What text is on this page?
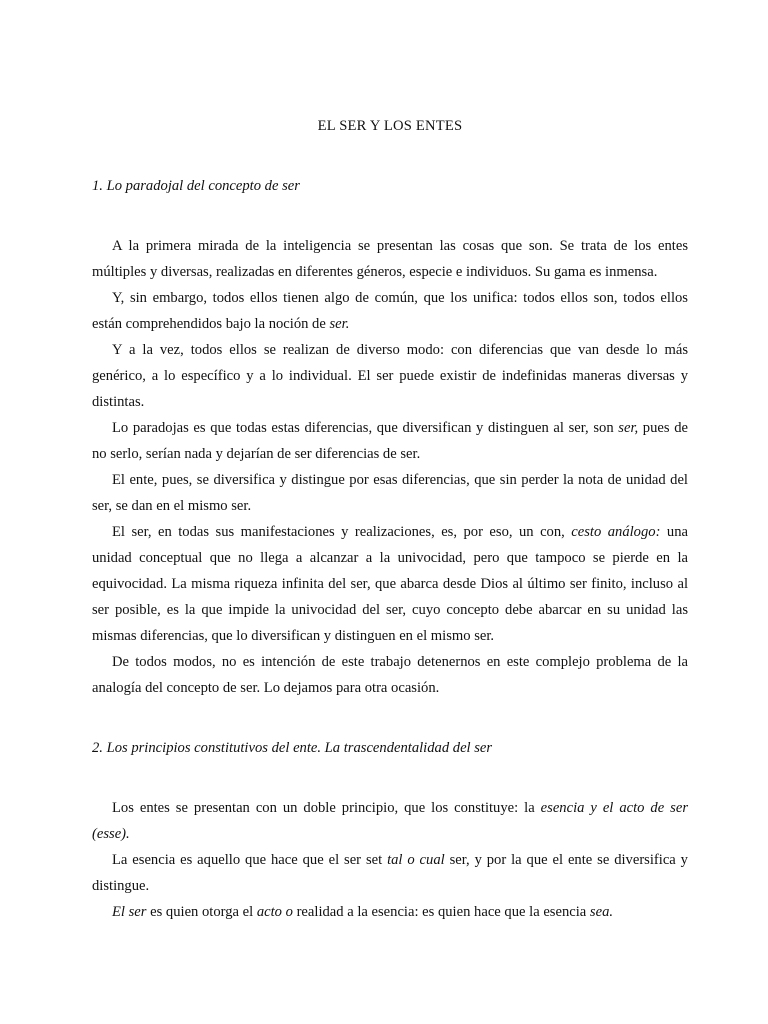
EL SER Y LOS ENTES
1. Lo paradojal del concepto de ser

A la primera mirada de la inteligencia se presentan las cosas que son. Se trata de los entes múltiples y diversas, realizadas en diferentes géneros, especie e individuos. Su gama es inmensa.

Y, sin embargo, todos ellos tienen algo de común, que los unifica: todos ellos son, todos ellos están comprehendidos bajo la noción de ser.

Y a la vez, todos ellos se realizan de diverso modo: con diferencias que van desde lo más genérico, a lo específico y a lo individual. El ser puede existir de indefinidas maneras diversas y distintas.

Lo paradojas es que todas estas diferencias, que diversifican y distinguen al ser, son ser, pues de no serlo, serían nada y dejarían de ser diferencias de ser.

El ente, pues, se diversifica y distingue por esas diferencias, que sin perder la nota de unidad del ser, se dan en el mismo ser.

El ser, en todas sus manifestaciones y realizaciones, es, por eso, un con, cesto análogo: una unidad conceptual que no llega a alcanzar a la univocidad, pero que tampoco se pierde en la equivocidad. La misma riqueza infinita del ser, que abarca desde Dios al último ser finito, incluso al ser posible, es la que impide la univocidad del ser, cuyo concepto debe abarcar en su unidad las mismas diferencias, que lo diversifican y distinguen en el mismo ser.

De todos modos, no es intención de este trabajo detenernos en este complejo problema de la analogía del concepto de ser. Lo dejamos para otra ocasión.

2. Los principios constitutivos del ente. La trascendentalidad del ser

Los entes se presentan con un doble principio, que los constituye: la esencia y el acto de ser (esse).

La esencia es aquello que hace que el ser set tal o cual ser, y por la que el ente se diversifica y distingue.

El ser es quien otorga el acto o realidad a la esencia: es quien hace que la esencia sea.
